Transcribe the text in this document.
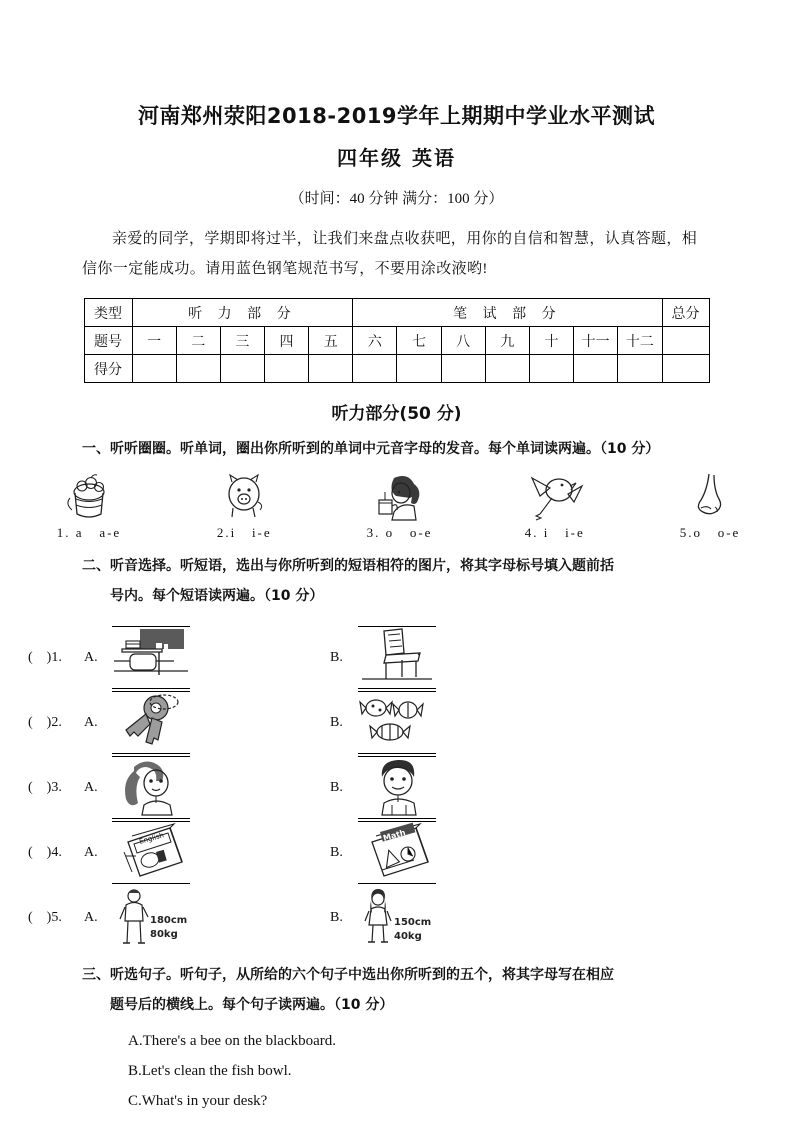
河南郑州荥阳2018-2019学年上期期中学业水平测试
四年级 英语

（时间：40 分钟 满分：100 分）

亲爱的同学，学期即将过半，让我们来盘点收获吧，用你的自信和智慧，认真答题，相信你一定能成功。请用蓝色钢笔规范书写，不要用涂改液哟!

类型	听 力 部 分					笔 试 部 分							总分
题号	一	二	三	四	五	六	七	八	九	十	十一	十二	
得分													
听力部分(50 分)
一、听听圈圈。听单词，圈出你所听到的单词中元音字母的发音。每个单词读两遍。（10 分）
1. a   a-e	2.i   i-e	3. o   o-e	4. i   i-e	5.o   o-e
二、听音选择。听短语，选出与你所听到的短语相符的图片，将其字母标号填入题前括
号内。每个短语读两遍。（10 分）
(    )1.	A.	B.
(    )2.	A.	B.
(    )3.	A.	B.
(    )4.	A.
English
B.
Math
(    )5.	A.	180cm
80kg
B.	150cm
40kg
三、听选句子。听句子，从所给的六个句子中选出你所听到的五个，将其字母写在相应
题号后的横线上。每个句子读两遍。（10 分）
A.There's a bee on the blackboard.
B.Let's clean the fish bowl.
C.What's in your desk?
